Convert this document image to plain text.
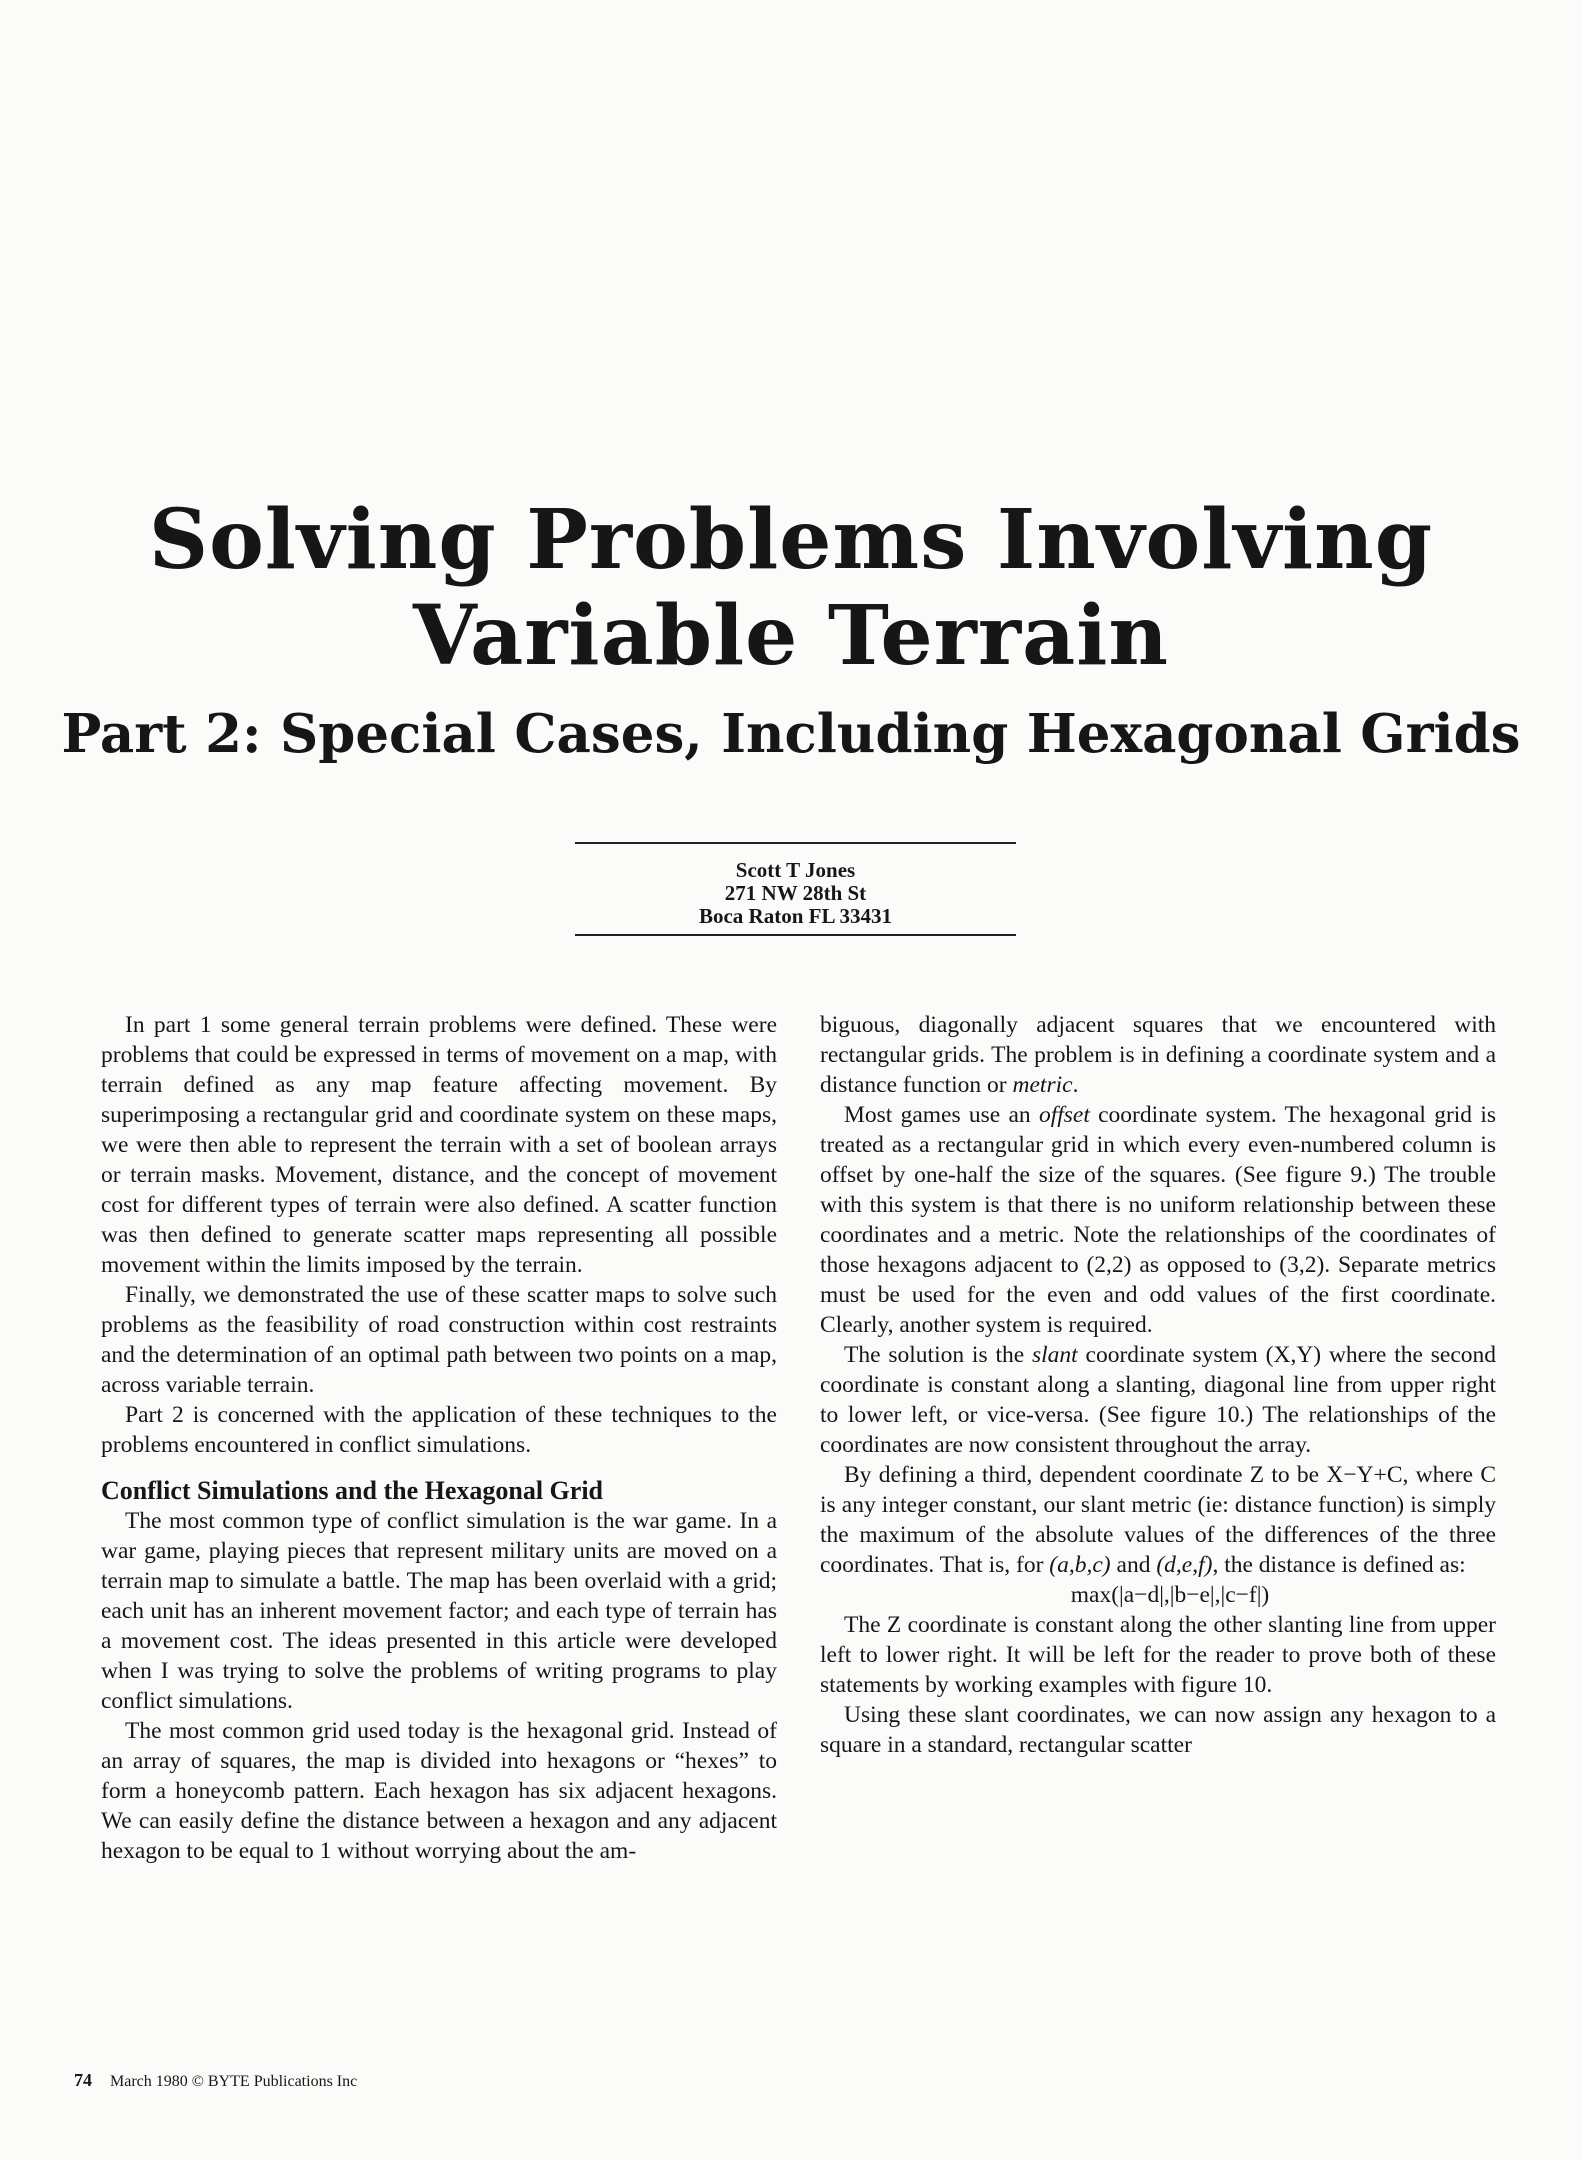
Solving Problems Involving
Variable Terrain
Part 2: Special Cases, Including Hexagonal Grids
Scott T Jones
271 NW 28th St
Boca Raton FL 33431

In part 1 some general terrain problems were defined. These were problems that could be expressed in terms of movement on a map, with terrain defined as any map feature affecting movement. By superimposing a rectangular grid and coordinate system on these maps, we were then able to represent the terrain with a set of boolean arrays or terrain masks. Movement, distance, and the concept of movement cost for different types of terrain were also defined. A scatter function was then defined to generate scatter maps representing all possible movement within the limits imposed by the terrain.

Finally, we demonstrated the use of these scatter maps to solve such problems as the feasibility of road construction within cost restraints and the determination of an optimal path between two points on a map, across variable terrain.

Part 2 is concerned with the application of these techniques to the problems encountered in conflict simulations.

Conflict Simulations and the Hexagonal Grid

The most common type of conflict simulation is the war game. In a war game, playing pieces that represent military units are moved on a terrain map to simulate a battle. The map has been overlaid with a grid; each unit has an inherent movement factor; and each type of terrain has a movement cost. The ideas presented in this article were developed when I was trying to solve the problems of writing programs to play conflict simulations.

The most common grid used today is the hexagonal grid. Instead of an array of squares, the map is divided into hexagons or “hexes” to form a honeycomb pattern. Each hexagon has six adjacent hexagons. We can easily define the distance between a hexagon and any adjacent hexagon to be equal to 1 without worrying about the am-

biguous, diagonally adjacent squares that we encountered with rectangular grids. The problem is in defining a coordinate system and a distance function or metric.

Most games use an offset coordinate system. The hexagonal grid is treated as a rectangular grid in which every even-numbered column is offset by one-half the size of the squares. (See figure 9.) The trouble with this system is that there is no uniform relationship between these coordinates and a metric. Note the relationships of the coordinates of those hexagons adjacent to (2,2) as opposed to (3,2). Separate metrics must be used for the even and odd values of the first coordinate. Clearly, another system is required.

The solution is the slant coordinate system (X,Y) where the second coordinate is constant along a slanting, diagonal line from upper right to lower left, or vice-versa. (See figure 10.) The relationships of the coordinates are now consistent throughout the array.

By defining a third, dependent coordinate Z to be X−Y+C, where C is any integer constant, our slant metric (ie: distance function) is simply the maximum of the absolute values of the differences of the three coordinates. That is, for (a,b,c) and (d,e,f), the distance is defined as:

max(|a−d|,|b−e|,|c−f|)

The Z coordinate is constant along the other slanting line from upper left to lower right. It will be left for the reader to prove both of these statements by working examples with figure 10.

Using these slant coordinates, we can now assign any hexagon to a square in a standard, rectangular scatter

74 March 1980 © BYTE Publications Inc
